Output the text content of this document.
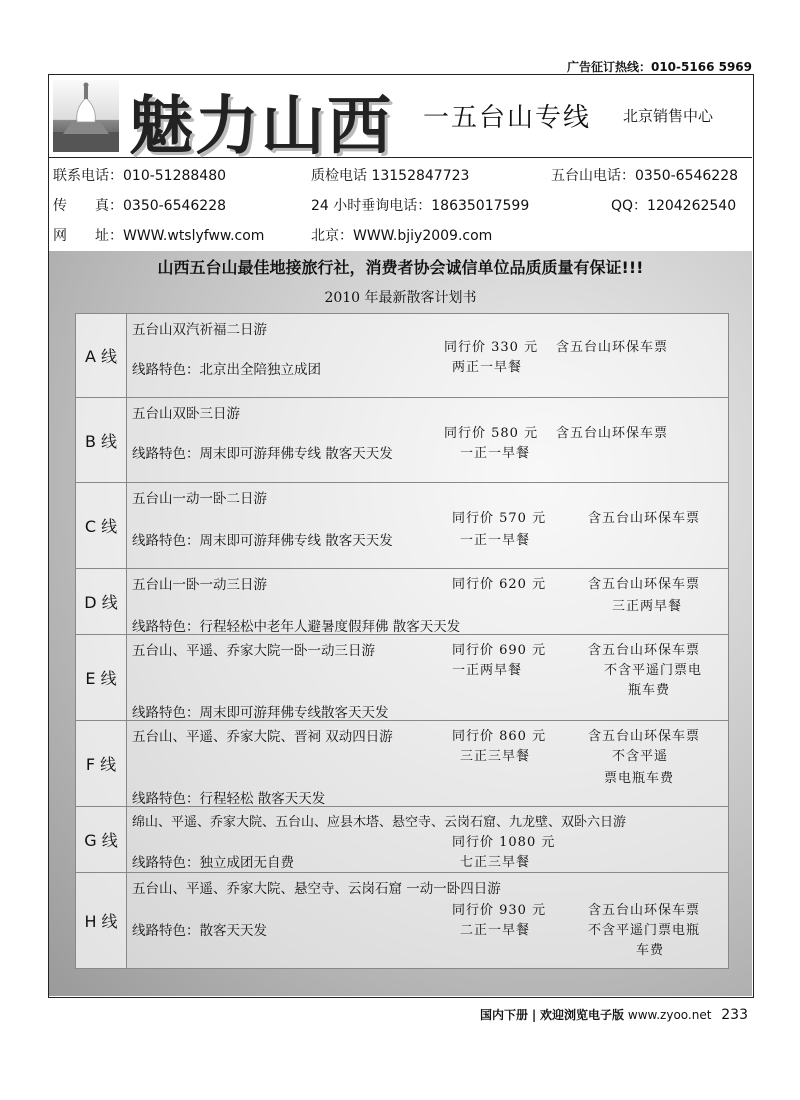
广告征订热线：010-5166 5969
魅力山西 一五台山专线 北京销售中心
联系电话：010-51288480	质检电话 13152847723	五台山电话：0350-6546228
传　　真：0350-6546228	24 小时垂询电话：18635017599	QQ：1204262540
网　　址：WWW.wtslyfww.com	北京：WWW.bjiy2009.com
山西五台山最佳地接旅行社，消费者协会诚信单位品质质量有保证!!!
2010 年最新散客计划书
A 线
五台山双汽祈福二日游
同行价 330 元 含五台山环保车票
两正一早餐
线路特色：北京出全陪独立成团
B 线
五台山双卧三日游
同行价 580 元 含五台山环保车票
线路特色：周末即可游拜佛专线 散客天天发	一正一早餐
C 线
五台山一动一卧二日游
同行价 570 元	含五台山环保车票
线路特色：周末即可游拜佛专线 散客天天发	一正一早餐
D 线
五台山一卧一动三日游	同行价 620 元	含五台山环保车票
三正两早餐
线路特色：行程轻松中老年人避暑度假拜佛 散客天天发
E 线
五台山、平遥、乔家大院一卧一动三日游	同行价 690 元	含五台山环保车票
一正两早餐	不含平遥门票电
瓶车费
线路特色：周末即可游拜佛专线散客天天发
F 线
五台山、平遥、乔家大院、晋祠 双动四日游	同行价 860 元	含五台山环保车票
三正三早餐	不含平遥
票电瓶车费
线路特色：行程轻松 散客天天发
G 线
绵山、平遥、乔家大院、五台山、应县木塔、悬空寺、云岗石窟、九龙壁、双卧六日游
同行价 1080 元
线路特色：独立成团无自费	七正三早餐
H 线
五台山、平遥、乔家大院、悬空寺、云岗石窟 一动一卧四日游
同行价 930 元	含五台山环保车票
线路特色：散客天天发	二正一早餐	不含平遥门票电瓶
车费
国内下册 | 欢迎浏览电子版 www.zyoo.net 233
